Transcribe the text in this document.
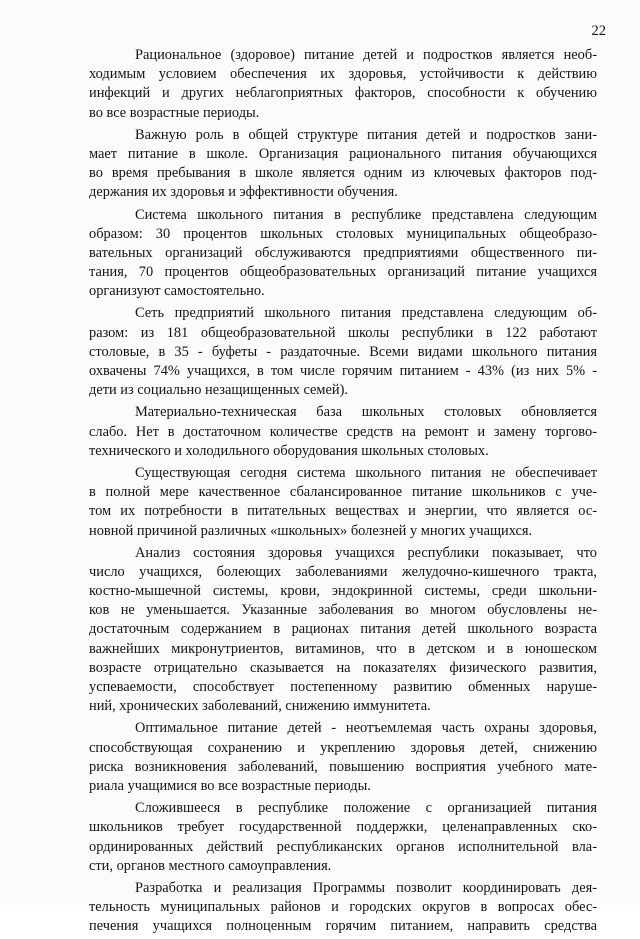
22
Рациональное (здоровое) питание детей и подростков является необ-
ходимым условием обеспечения их здоровья, устойчивости к действию
инфекций и других неблагоприятных факторов, способности к обучению
во все возрастные периоды.
Важную роль в общей структуре питания детей и подростков зани-
мает питание в школе. Организация рационального питания обучающихся
во время пребывания в школе является одним из ключевых факторов под-
держания их здоровья и эффективности обучения.
Система школьного питания в республике представлена следующим
образом: 30 процентов школьных столовых муниципальных общеобразо-
вательных организаций обслуживаются предприятиями общественного пи-
тания, 70 процентов общеобразовательных организаций питание учащихся
организуют самостоятельно.
Сеть предприятий школьного питания представлена следующим об-
разом: из 181 общеобразовательной школы республики в 122 работают
столовые, в 35 - буфеты - раздаточные. Всеми видами школьного питания
охвачены 74% учащихся, в том числе горячим питанием - 43% (из них 5% -
дети из социально незащищенных семей).
Материально-техническая база школьных столовых обновляется
слабо. Нет в достаточном количестве средств на ремонт и замену торгово-
технического и холодильного оборудования школьных столовых.
Существующая сегодня система школьного питания не обеспечивает
в полной мере качественное сбалансированное питание школьников с уче-
том их потребности в питательных веществах и энергии, что является ос-
новной причиной различных «школьных» болезней у многих учащихся.
Анализ состояния здоровья учащихся республики показывает, что
число учащихся, болеющих заболеваниями желудочно-кишечного тракта,
костно-мышечной системы, крови, эндокринной системы, среди школьни-
ков не уменьшается. Указанные заболевания во многом обусловлены не-
достаточным содержанием в рационах питания детей школьного возраста
важнейших микронутриентов, витаминов, что в детском и в юношеском
возрасте отрицательно сказывается на показателях физического развития,
успеваемости, способствует постепенному развитию обменных наруше-
ний, хронических заболеваний, снижению иммунитета.
Оптимальное питание детей - неотъемлемая часть охраны здоровья,
способствующая сохранению и укреплению здоровья детей, снижению
риска возникновения заболеваний, повышению восприятия учебного мате-
риала учащимися во все возрастные периоды.
Сложившееся в республике положение с организацией питания
школьников требует государственной поддержки, целенаправленных ско-
ординированных действий республиканских органов исполнительной вла-
сти, органов местного самоуправления.
Разработка и реализация Программы позволит координировать дея-
тельность муниципальных районов и городских округов в вопросах обес-
печения учащихся полноценным горячим питанием, направить средства
